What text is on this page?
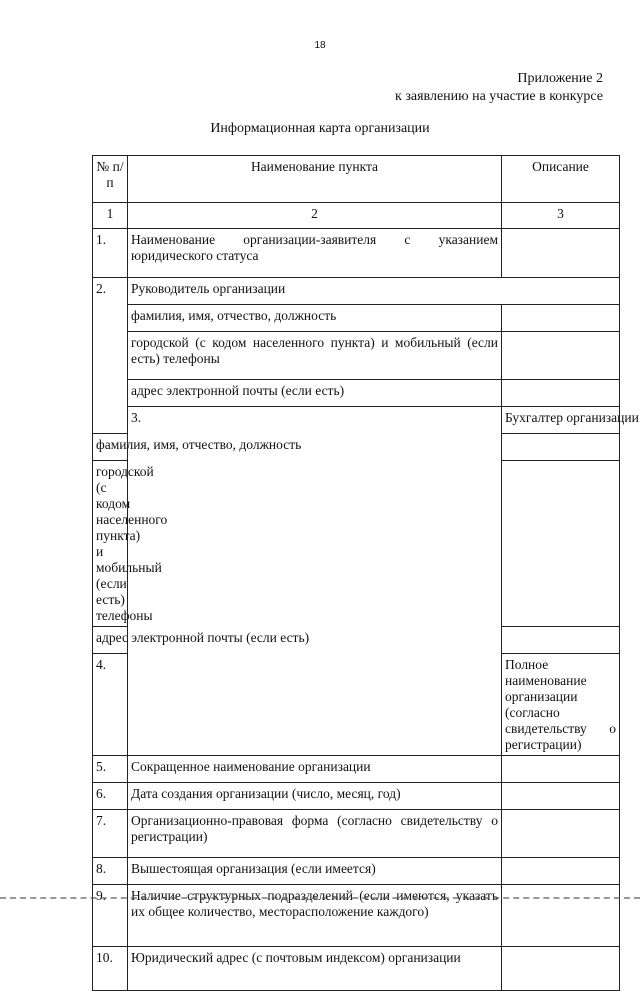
18
Приложение 2
к заявлению на участие в конкурсе
Информационная карта организации
№ п/п	Наименование пункта	Описание	
1	2	3	
1.	Наименование организации-заявителя с указанием юридического статуса		
2.	Руководитель организации		
	фамилия, имя, отчество, должность		
	городской (с кодом населенного пункта) и мобильный (если есть) телефоны		
	адрес электронной почты (если есть)		
	3.	Бухгалтер организации	
фамилия, имя, отчество, должность			
городской (с кодом населенного пункта) и мобильный (если есть) телефоны			
адрес электронной почты (если есть)			
4.		Полное наименование организации (согласно свидетельству о регистрации)	
5.	Сокращенное наименование организации		
6.	Дата создания организации (число, месяц, год)		
7.	Организационно-правовая форма (согласно свидетельству о регистрации)		
8.	Вышестоящая организация (если имеется)		
9.	Наличие структурных подразделений (если имеются, указать их общее количество, месторасположение каждого)		
10.	Юридический адрес (с почтовым индексом) организации		
